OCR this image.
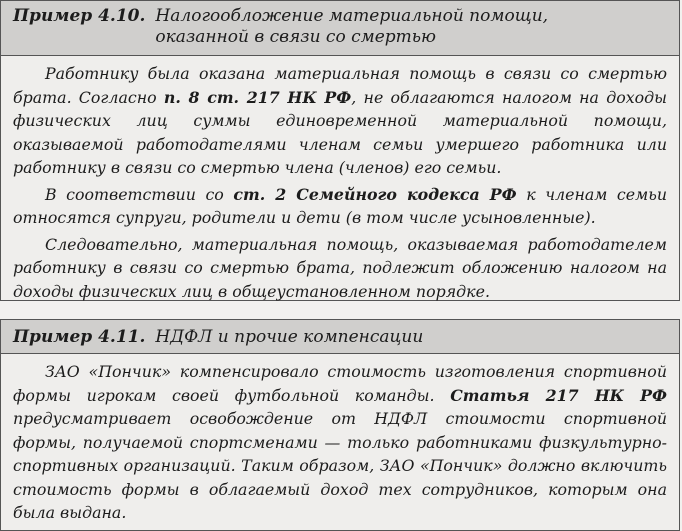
Пример 4.10. Налогообложение материальной помощи,
оказанной в связи со смертью

Работнику была оказана материальная помощь в связи со смертью брата. Согласно п. 8 ст. 217 НК РФ, не облагаются налогом на доходы физических лиц суммы единовременной материальной помощи, оказываемой работодателями членам семьи умершего работника или работнику в связи со смертью члена (членов) его семьи.

В соответствии со ст. 2 Семейного кодекса РФ к членам семьи относятся супруги, родители и дети (в том числе усыновленные).

Следовательно, материальная помощь, оказываемая работодателем работнику в связи со смертью брата, подлежит обложению налогом на доходы физических лиц в общеустановленном порядке.

Пример 4.11. НДФЛ и прочие компенсации

ЗАО «Пончик» компенсировало стоимость изготовления спортивной формы игрокам своей футбольной команды. Статья 217 НК РФ предусматривает освобождение от НДФЛ стоимости спортивной формы, получаемой спортсменами — только работниками физкультурно-спортивных организаций. Таким образом, ЗАО «Пончик» должно включить стоимость формы в облагаемый доход тех сотрудников, которым она была выдана.
